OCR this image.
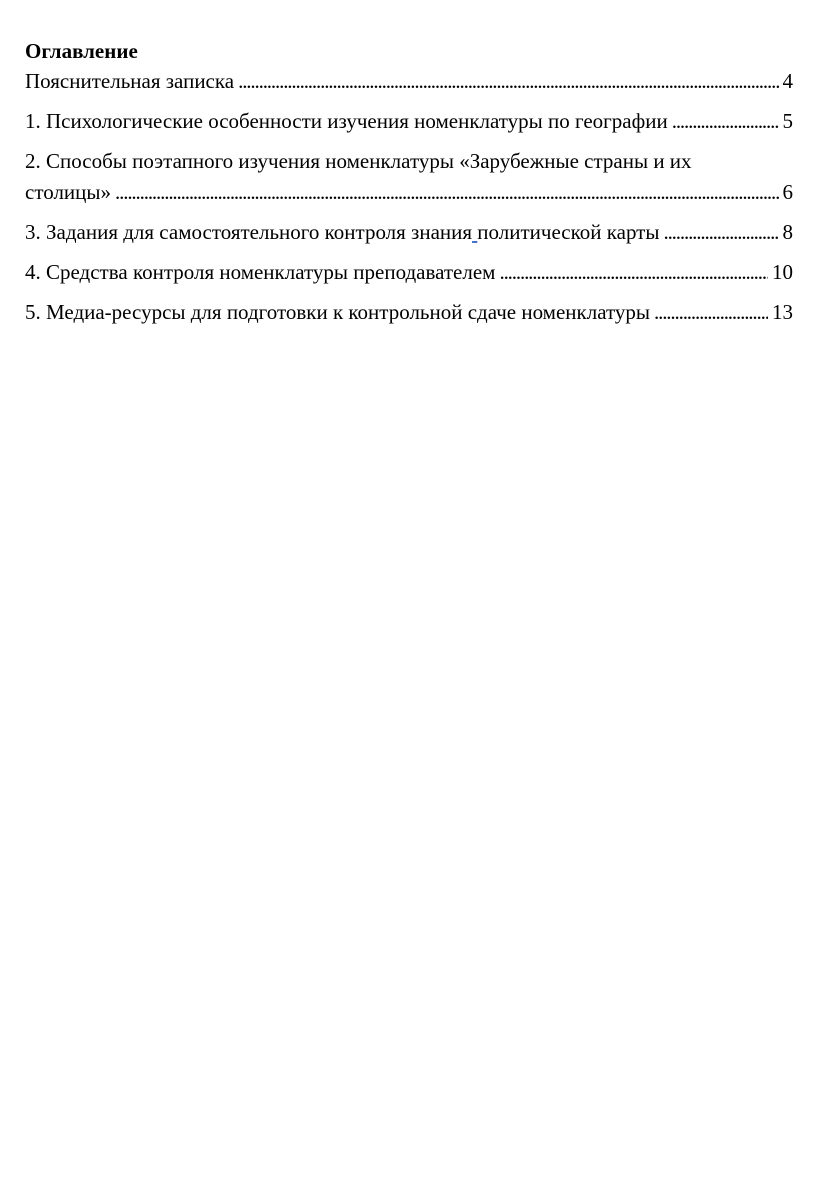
Оглавление
Пояснительная записка . . .	4
1. Психологические особенности изучения номенклатуры по географии . . .	5
2. Способы поэтапного изучения номенклатуры «Зарубежные страны и их
столицы» . . .	6
3. Задания для самостоятельного контроля знания политической карты . . .	8
4. Средства контроля номенклатуры преподавателем . . .	10
5. Медиа-ресурсы для подготовки к контрольной сдаче номенклатуры . . .	13
